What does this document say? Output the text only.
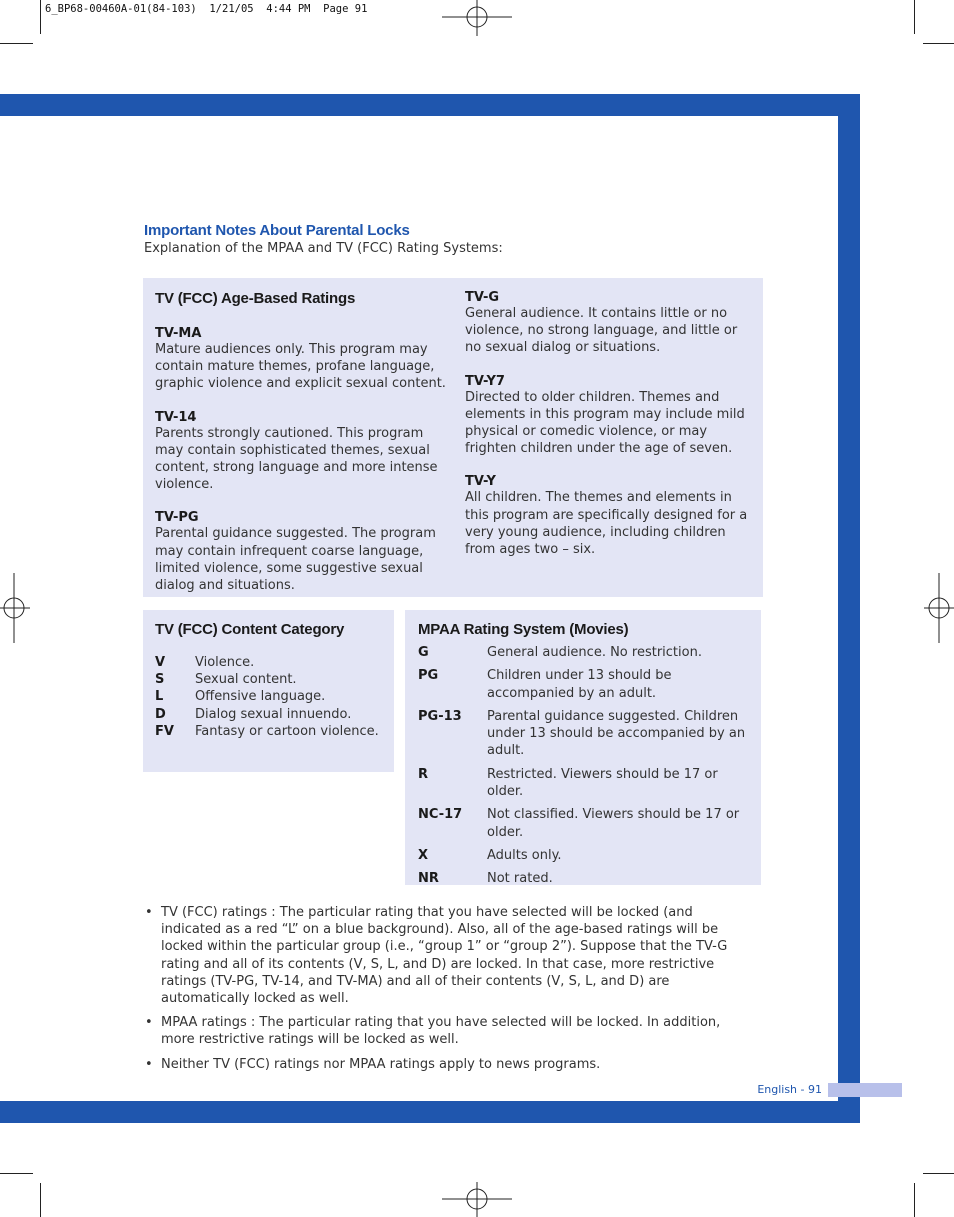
6_BP68-00460A-01(84-103)  1/21/05  4:44 PM  Page 91
English - 91
Important Notes About Parental Locks
Explanation of the MPAA and TV (FCC) Rating Systems:
TV (FCC) Age-Based Ratings

TV-MA

Mature audiences only. This program may contain mature themes, profane language, graphic violence and explicit sexual content.

TV-14

Parents strongly cautioned. This program may contain sophisticated themes, sexual content, strong language and more intense violence.

TV-PG

Parental guidance suggested. The program may contain infrequent coarse language, limited violence, some suggestive sexual dialog and situations.

TV-G

General audience. It contains little or no violence, no strong language, and little or no sexual dialog or situations.

TV-Y7

Directed to older children. Themes and elements in this program may include mild physical or comedic violence, or may frighten children under the age of seven.

TV-Y

All children. The themes and elements in this program are specifically designed for a very young audience, including children from ages two – six.

TV (FCC) Content Category
V	Violence.
S	Sexual content.
L	Offensive language.
D	Dialog sexual innuendo.
FV	Fantasy or cartoon violence.
MPAA Rating System (Movies)
G	General audience. No restriction.
PG	Children under 13 should be accompanied by an adult.
PG-13	Parental guidance suggested. Children under 13 should be accompanied by an adult.
R	Restricted. Viewers should be 17 or older.
NC-17	Not classified. Viewers should be 17 or older.
X	Adults only.
NR	Not rated.
• TV (FCC) ratings : The particular rating that you have selected will be locked (and indicated as a red “L” on a blue background). Also, all of the age-based ratings will be locked within the particular group (i.e., “group 1” or “group 2”). Suppose that the TV-G rating and all of its contents (V, S, L, and D) are locked. In that case, more restrictive ratings (TV-PG, TV-14, and TV-MA) and all of their contents (V, S, L, and D) are automatically locked as well.
• MPAA ratings : The particular rating that you have selected will be locked. In addition, more restrictive ratings will be locked as well.
• Neither TV (FCC) ratings nor MPAA ratings apply to news programs.
